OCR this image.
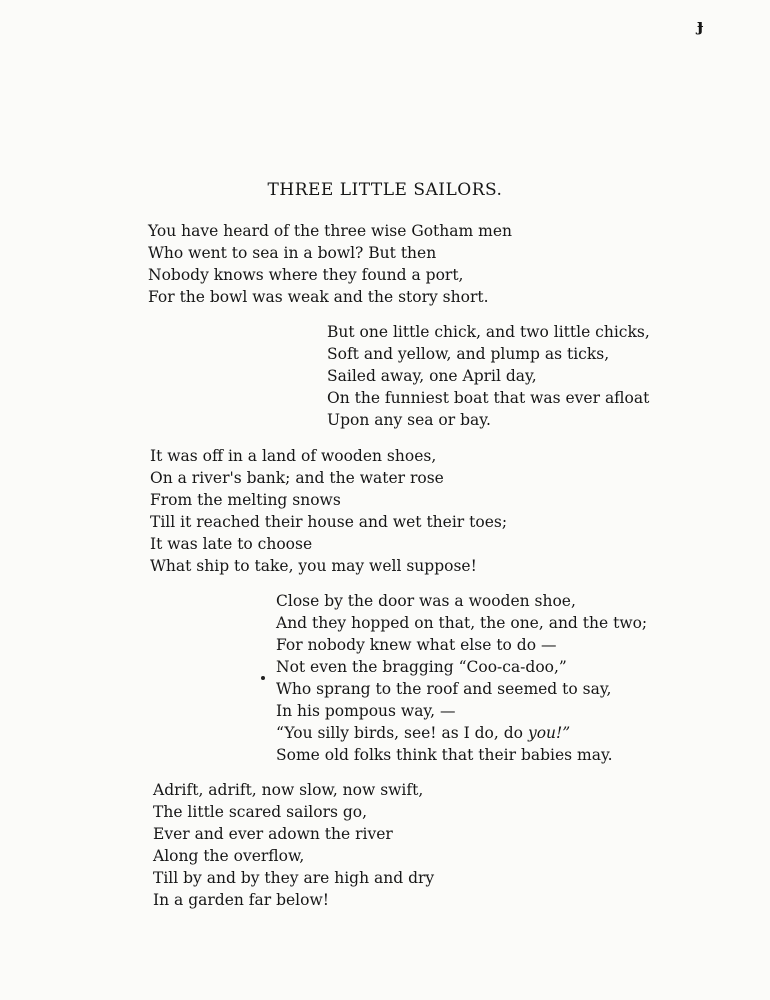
ɟ
THREE LITTLE SAILORS.
You have heard of the three wise Gotham men
Who went to sea in a bowl? But then
Nobody knows where they found a port,
For the bowl was weak and the story short.
But one little chick, and two little chicks,
Soft and yellow, and plump as ticks,
Sailed away, one April day,
On the funniest boat that was ever afloat
Upon any sea or bay.
It was off in a land of wooden shoes,
On a river's bank; and the water rose
From the melting snows
Till it reached their house and wet their toes;
It was late to choose
What ship to take, you may well suppose!
Close by the door was a wooden shoe,
And they hopped on that, the one, and the two;
For nobody knew what else to do —
Not even the bragging “Coo-ca-doo,”
Who sprang to the roof and seemed to say,
In his pompous way, —
“You silly birds, see! as I do, do you!”
Some old folks think that their babies may.
Adrift, adrift, now slow, now swift,
The little scared sailors go,
Ever and ever adown the river
Along the overflow,
Till by and by they are high and dry
In a garden far below!
